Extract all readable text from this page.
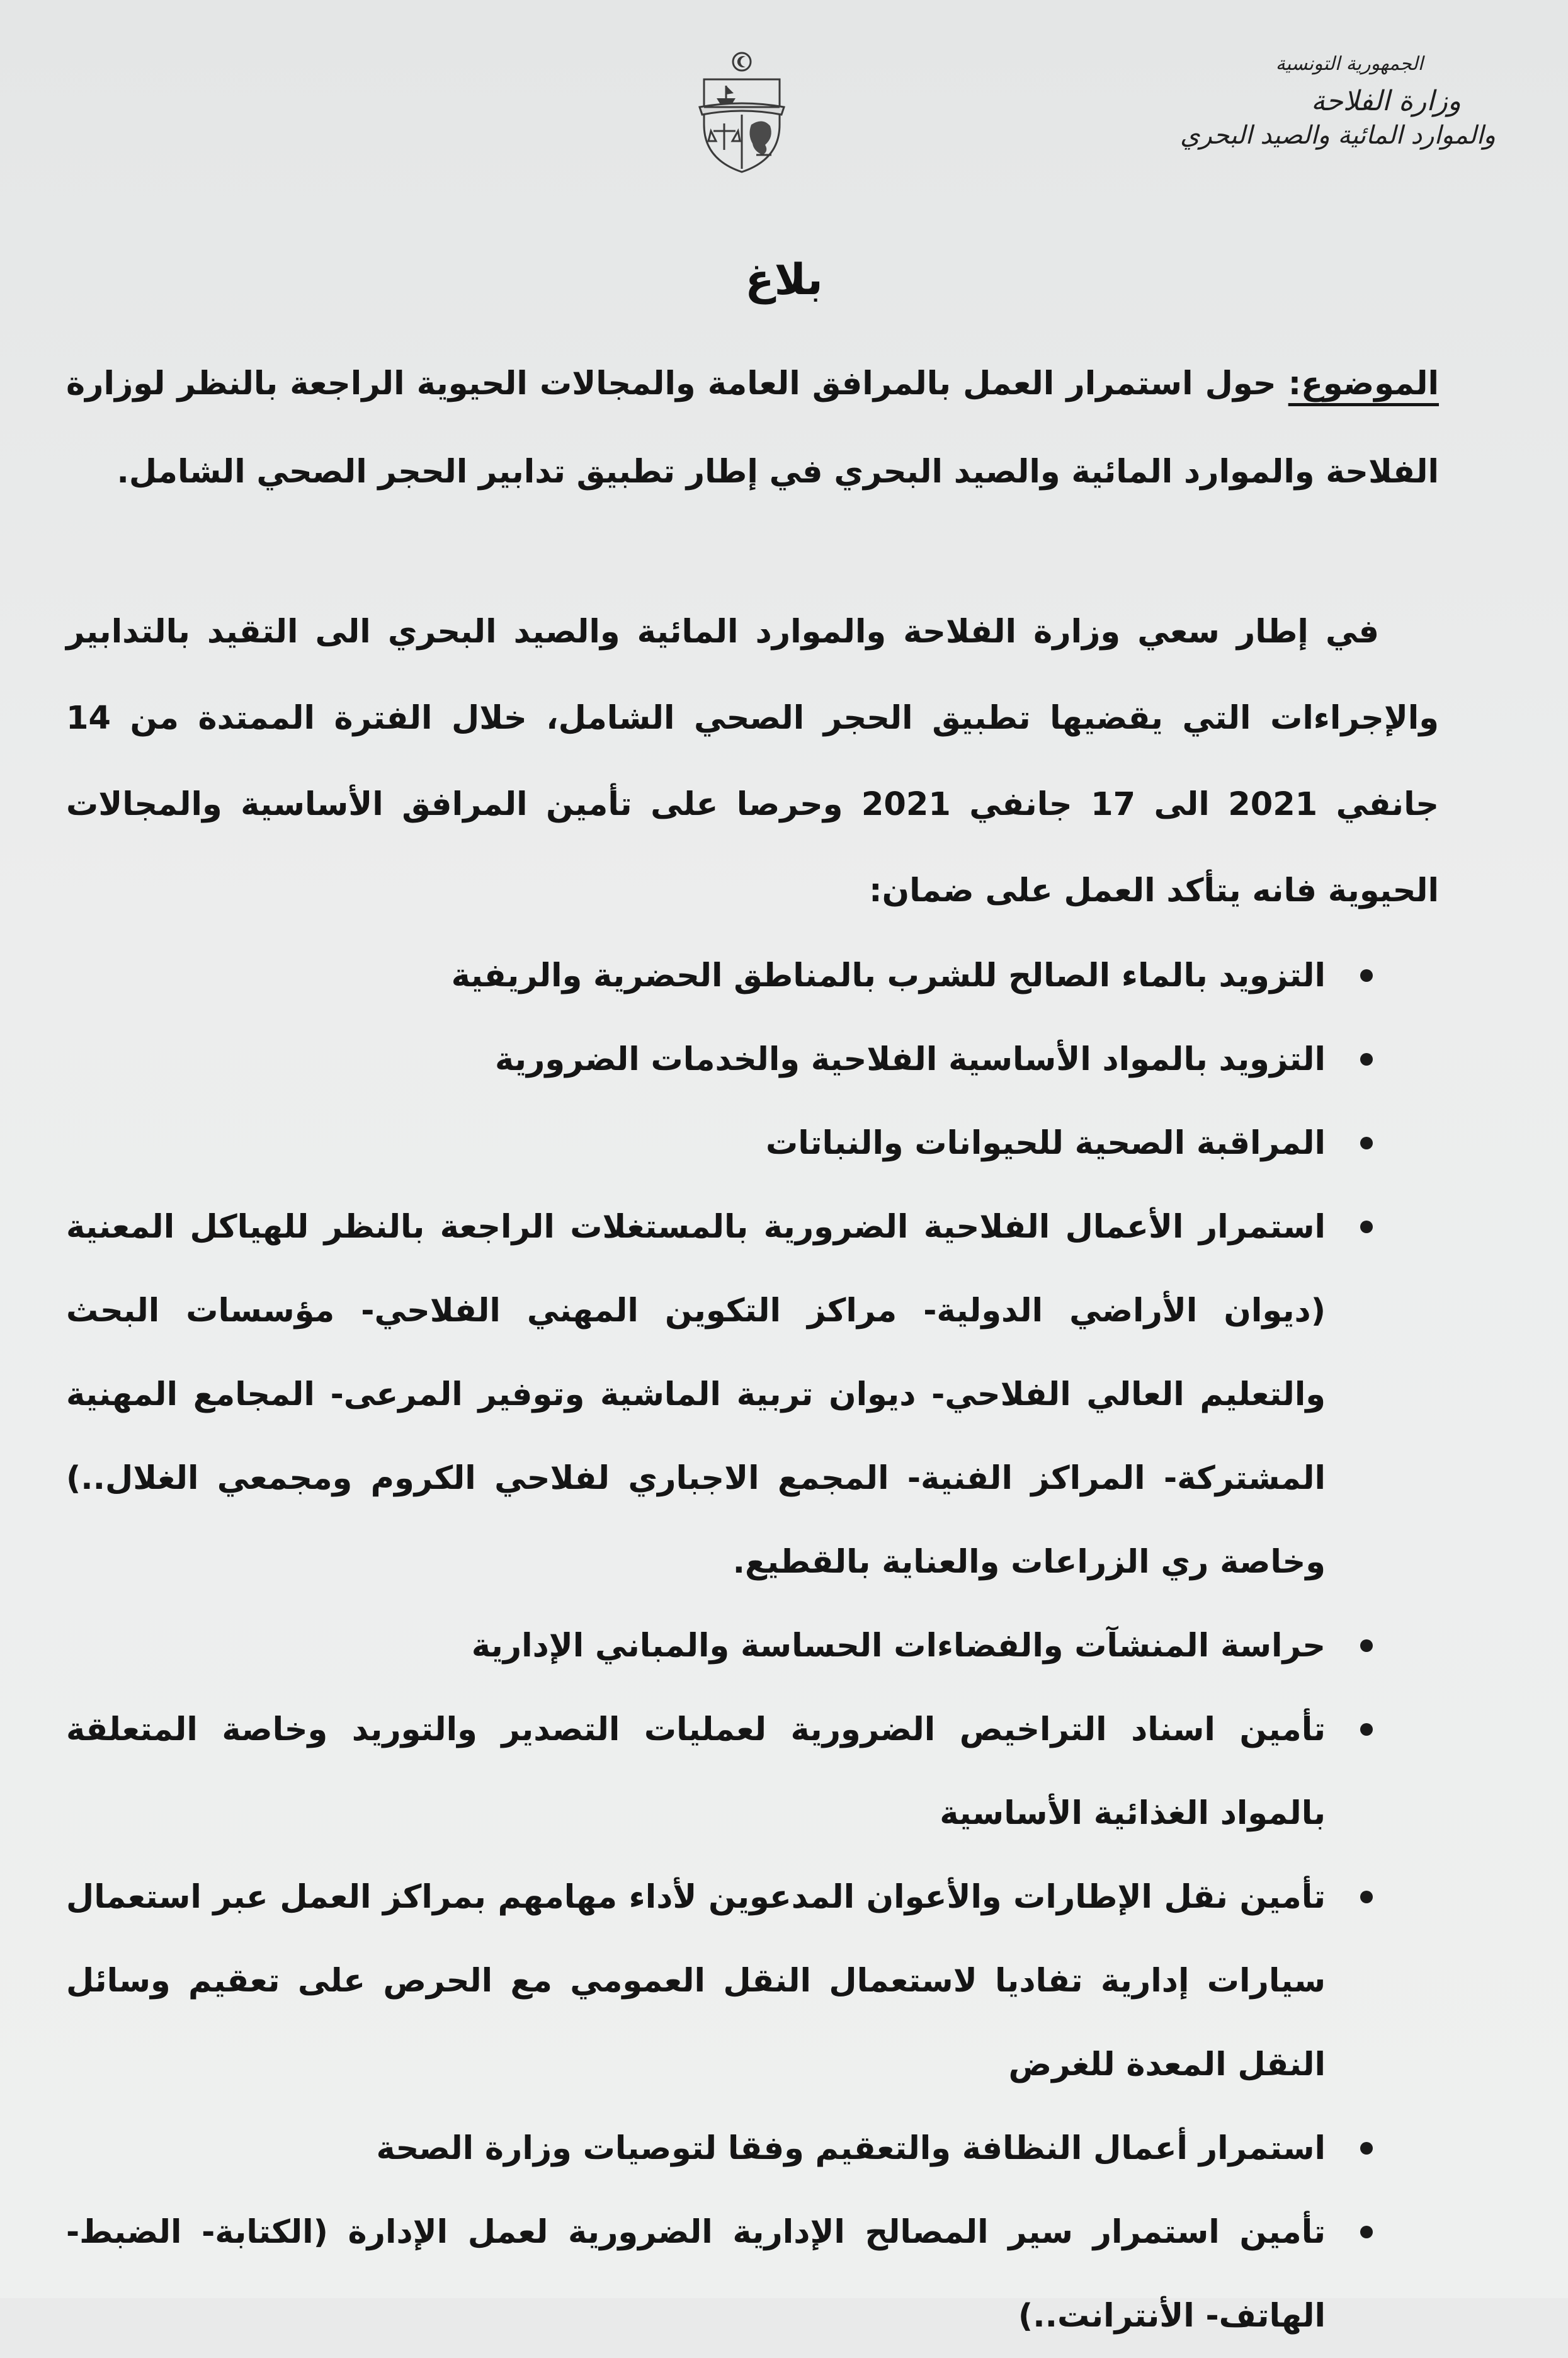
الجمهورية التونسية
وزارة الفلاحة
والموارد المائية والصيد البحري
بلاغ

الموضوع: حول استمرار العمل بالمرافق العامة والمجالات الحيوية الراجعة بالنظر لوزارة الفلاحة والموارد المائية والصيد البحري في إطار تطبيق تدابير الحجر الصحي الشامل.

في إطار سعي وزارة الفلاحة والموارد المائية والصيد البحري الى التقيد بالتدابير والإجراءات التي يقضيها تطبيق الحجر الصحي الشامل، خلال الفترة الممتدة من 14 جانفي 2021 الى 17 جانفي 2021 وحرصا على تأمين المرافق الأساسية والمجالات الحيوية فانه يتأكد العمل على ضمان:

التزويد بالماء الصالح للشرب بالمناطق الحضرية والريفية
التزويد بالمواد الأساسية الفلاحية والخدمات الضرورية
المراقبة الصحية للحيوانات والنباتات
استمرار الأعمال الفلاحية الضرورية بالمستغلات الراجعة بالنظر للهياكل المعنية (ديوان الأراضي الدولية- مراكز التكوين المهني الفلاحي- مؤسسات البحث والتعليم العالي الفلاحي- ديوان تربية الماشية وتوفير المرعى- المجامع المهنية المشتركة- المراكز الفنية- المجمع الاجباري لفلاحي الكروم ومجمعي الغلال..) وخاصة ري الزراعات والعناية بالقطيع.
حراسة المنشآت والفضاءات الحساسة والمباني الإدارية
تأمين اسناد التراخيص الضرورية لعمليات التصدير والتوريد وخاصة المتعلقة بالمواد الغذائية الأساسية
تأمين نقل الإطارات والأعوان المدعوين لأداء مهامهم بمراكز العمل عبر استعمال سيارات إدارية تفاديا لاستعمال النقل العمومي مع الحرص على تعقيم وسائل النقل المعدة للغرض
استمرار أعمال النظافة والتعقيم وفقا لتوصيات وزارة الصحة
تأمين استمرار سير المصالح الإدارية الضرورية لعمل الإدارة (الكتابة- الضبط- الهاتف- الأنترانت..)
